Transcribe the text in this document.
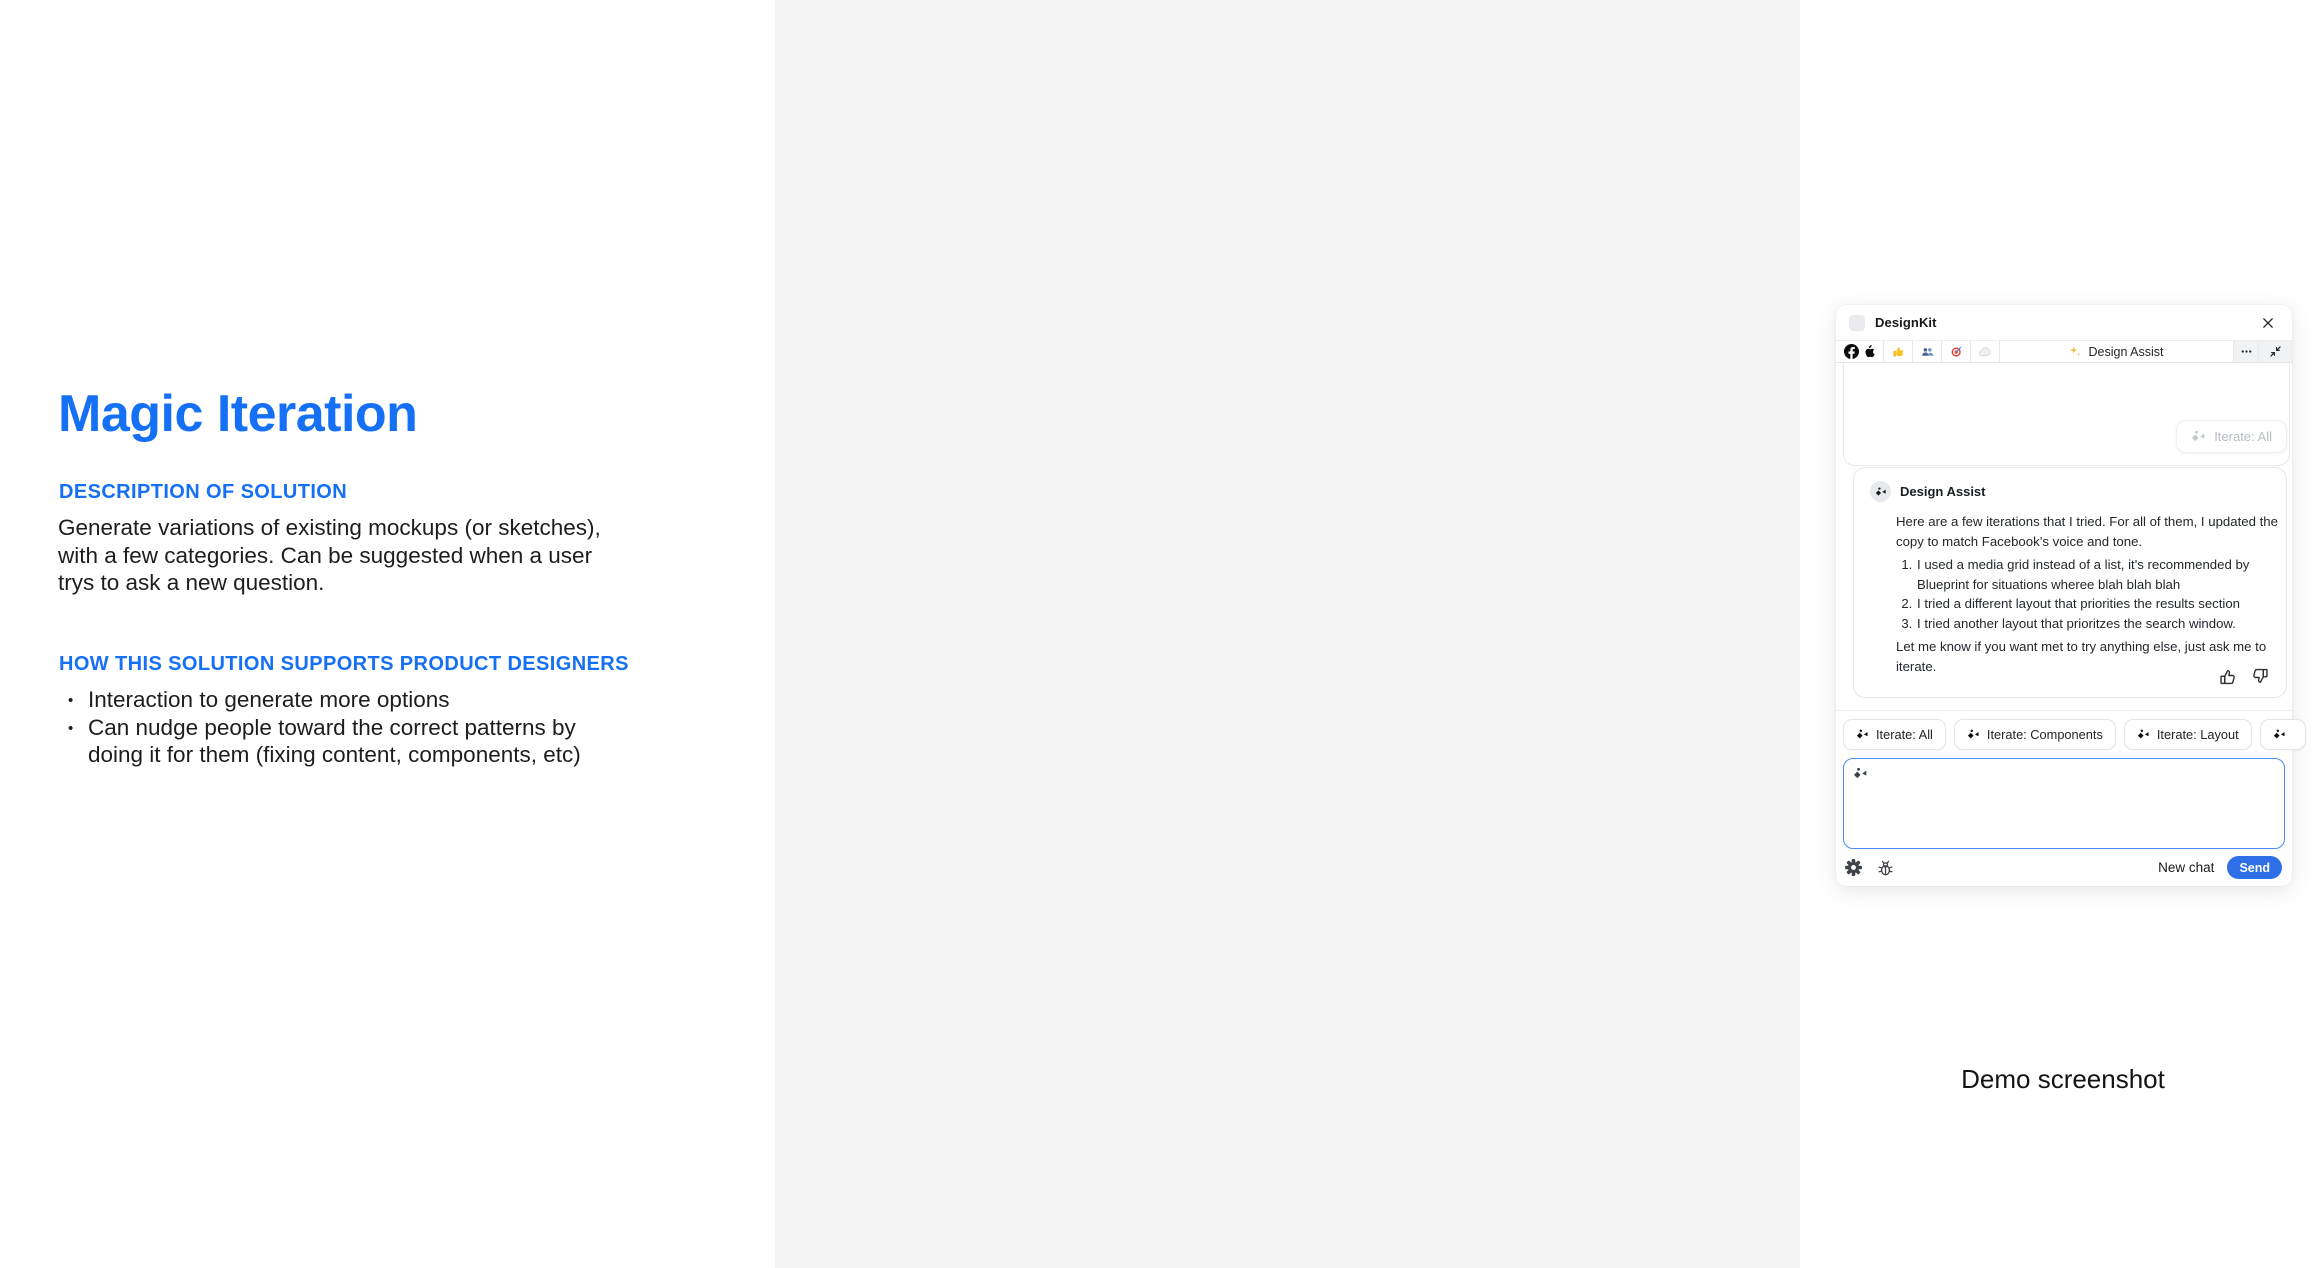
Magic Iteration
DESCRIPTION OF SOLUTION
Generate variations of existing mockups (or sketches),
with a few categories. Can be suggested when a user
trys to ask a new question.
HOW THIS SOLUTION SUPPORTS PRODUCT DESIGNERS
• Interaction to generate more options
• Can nudge people toward the correct patterns by
doing it for them (fixing content, components, etc)
DesignKit
Design Assist
Iterate: All
Design Assist
Here are a few iterations that I tried. For all of them, I updated the copy to match Facebook’s voice and tone.
1. I used a media grid instead of a list, it's recommended by Blueprint for situations wheree blah blah blah
2. I tried a different layout that priorities the results section
3. I tried another layout that prioritzes the search window.
Let me know if you want met to try anything else, just ask me to iterate.
Iterate: All	Iterate: Components	Iterate: Layout
New chat	Send
Demo screenshot
